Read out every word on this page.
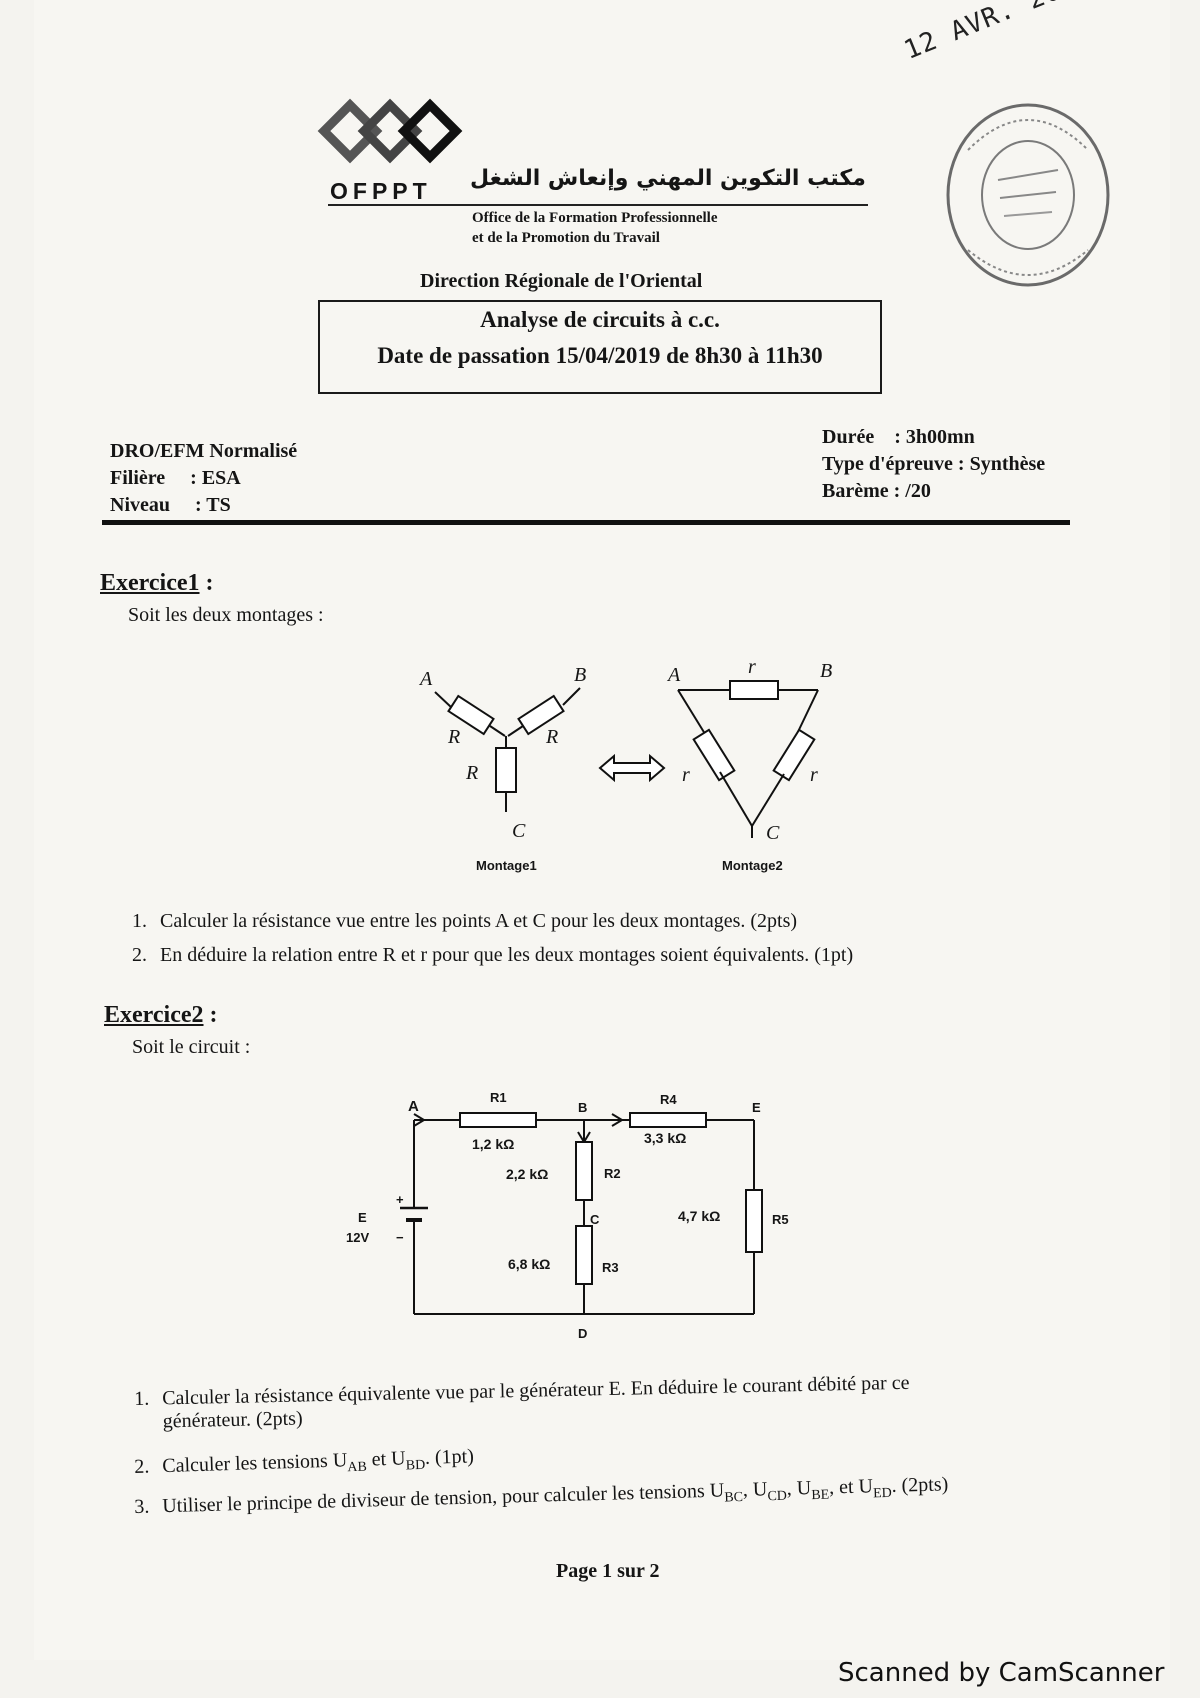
OFPPT مكتب التكوين المهني وإنعاش الشغل
Office de la Formation Professionnelle
et de la Promotion du Travail
Direction Régionale de l'Oriental
Analyse de circuits à c.c.
Date de passation 15/04/2019 de 8h30 à 11h30
DRO/EFM Normalisé
Filière     : ESA
Niveau     : TS
Durée    : 3h00mn
Type d'épreuve : Synthèse
Barème : /20
Exercice1 :
Soit les deux montages :
A	B
R	R
R
C
Montage1
A	r	B
r	r
C
Montage2
1. Calculer la résistance vue entre les points A et C pour les deux montages. (2pts)
2. En déduire la relation entre R et r pour que les deux montages soient équivalents. (1pt)
Exercice2 :
Soit le circuit :
A
R1
B
R4
E
1,2 kΩ	3,3 kΩ
2,2 kΩ	R2
C	4,7 kΩ	R5
6,8 kΩ	R3
D
+
−
E
12V
1. Calculer la résistance équivalente vue par le générateur E. En déduire le courant débité par ce
générateur. (2pts)
2. Calculer les tensions $U_{AB}$ et $U_{BD}$. (1pt)
3. Utiliser le principe de diviseur de tension, pour calculer les tensions $U_{BC}$, $U_{CD}$, $U_{BE}$, et $U_{ED}$. (2pts)
Page 1 sur 2
Scanned by CamScanner
